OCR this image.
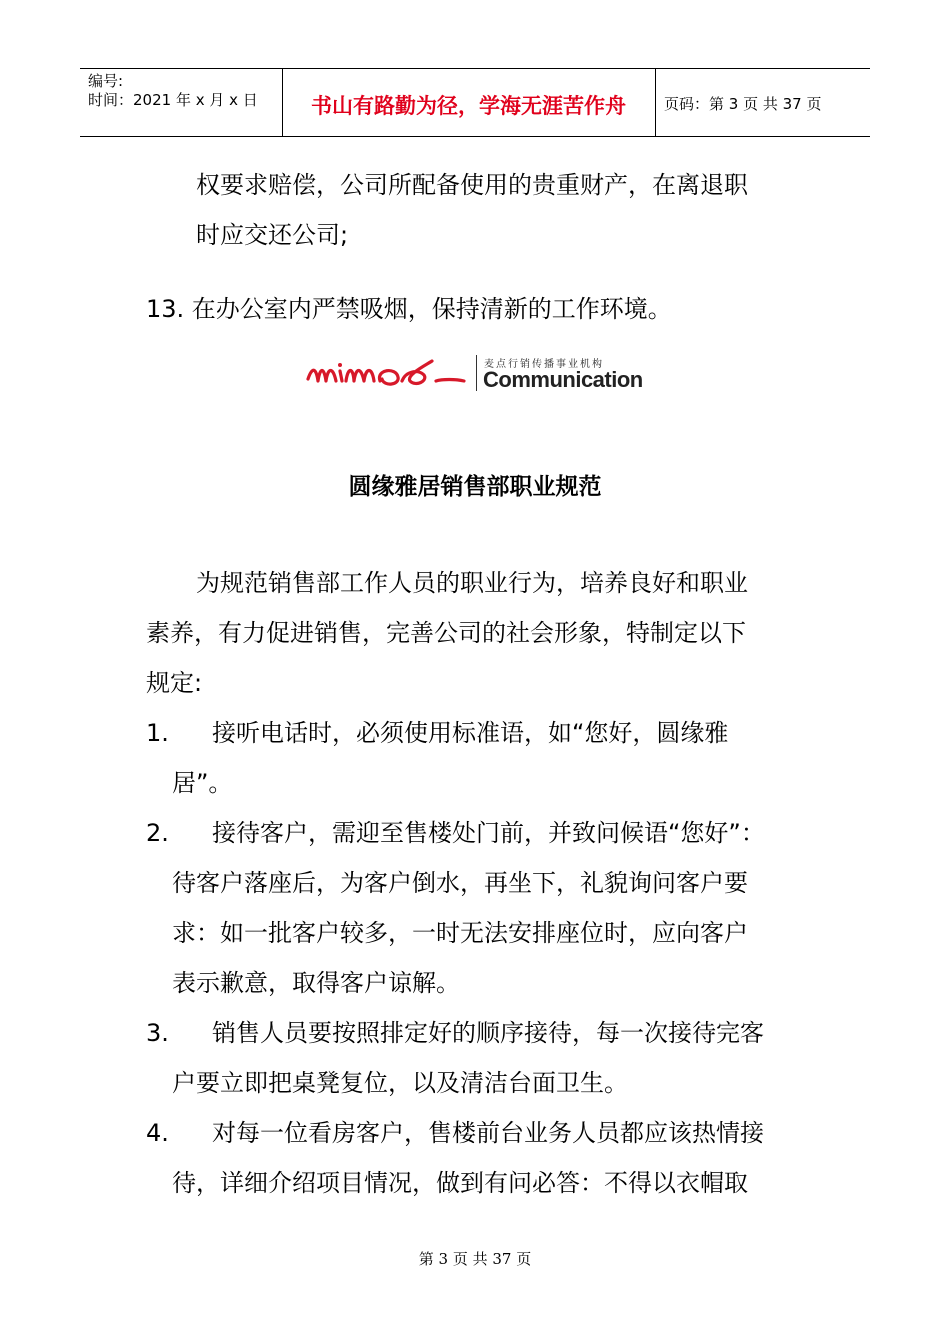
编号:
时间：2021 年 x 月 x 日	书山有路勤为径，学海无涯苦作舟	页码：第 3 页 共 37 页
权要求赔偿，公司所配备使用的贵重财产，在离退职
时应交还公司;
13. 在办公室内严禁吸烟，保持清新的工作环境。
麦点行销传播事业机构
Communication
圆缘雅居销售部职业规范
为规范销售部工作人员的职业行为，培养良好和职业
素养，有力促进销售，完善公司的社会形象，特制定以下
规定:
1. 接听电话时，必须使用标准语，如“您好，圆缘雅
居”。
2. 接待客户，需迎至售楼处门前，并致问候语“您好”：
待客户落座后，为客户倒水，再坐下，礼貌询问客户要
求：如一批客户较多，一时无法安排座位时，应向客户
表示歉意，取得客户谅解。
3. 销售人员要按照排定好的顺序接待，每一次接待完客
户要立即把桌凳复位，以及清洁台面卫生。
4. 对每一位看房客户，售楼前台业务人员都应该热情接
待，详细介绍项目情况，做到有问必答：不得以衣帽取
第 3 页 共 37 页
